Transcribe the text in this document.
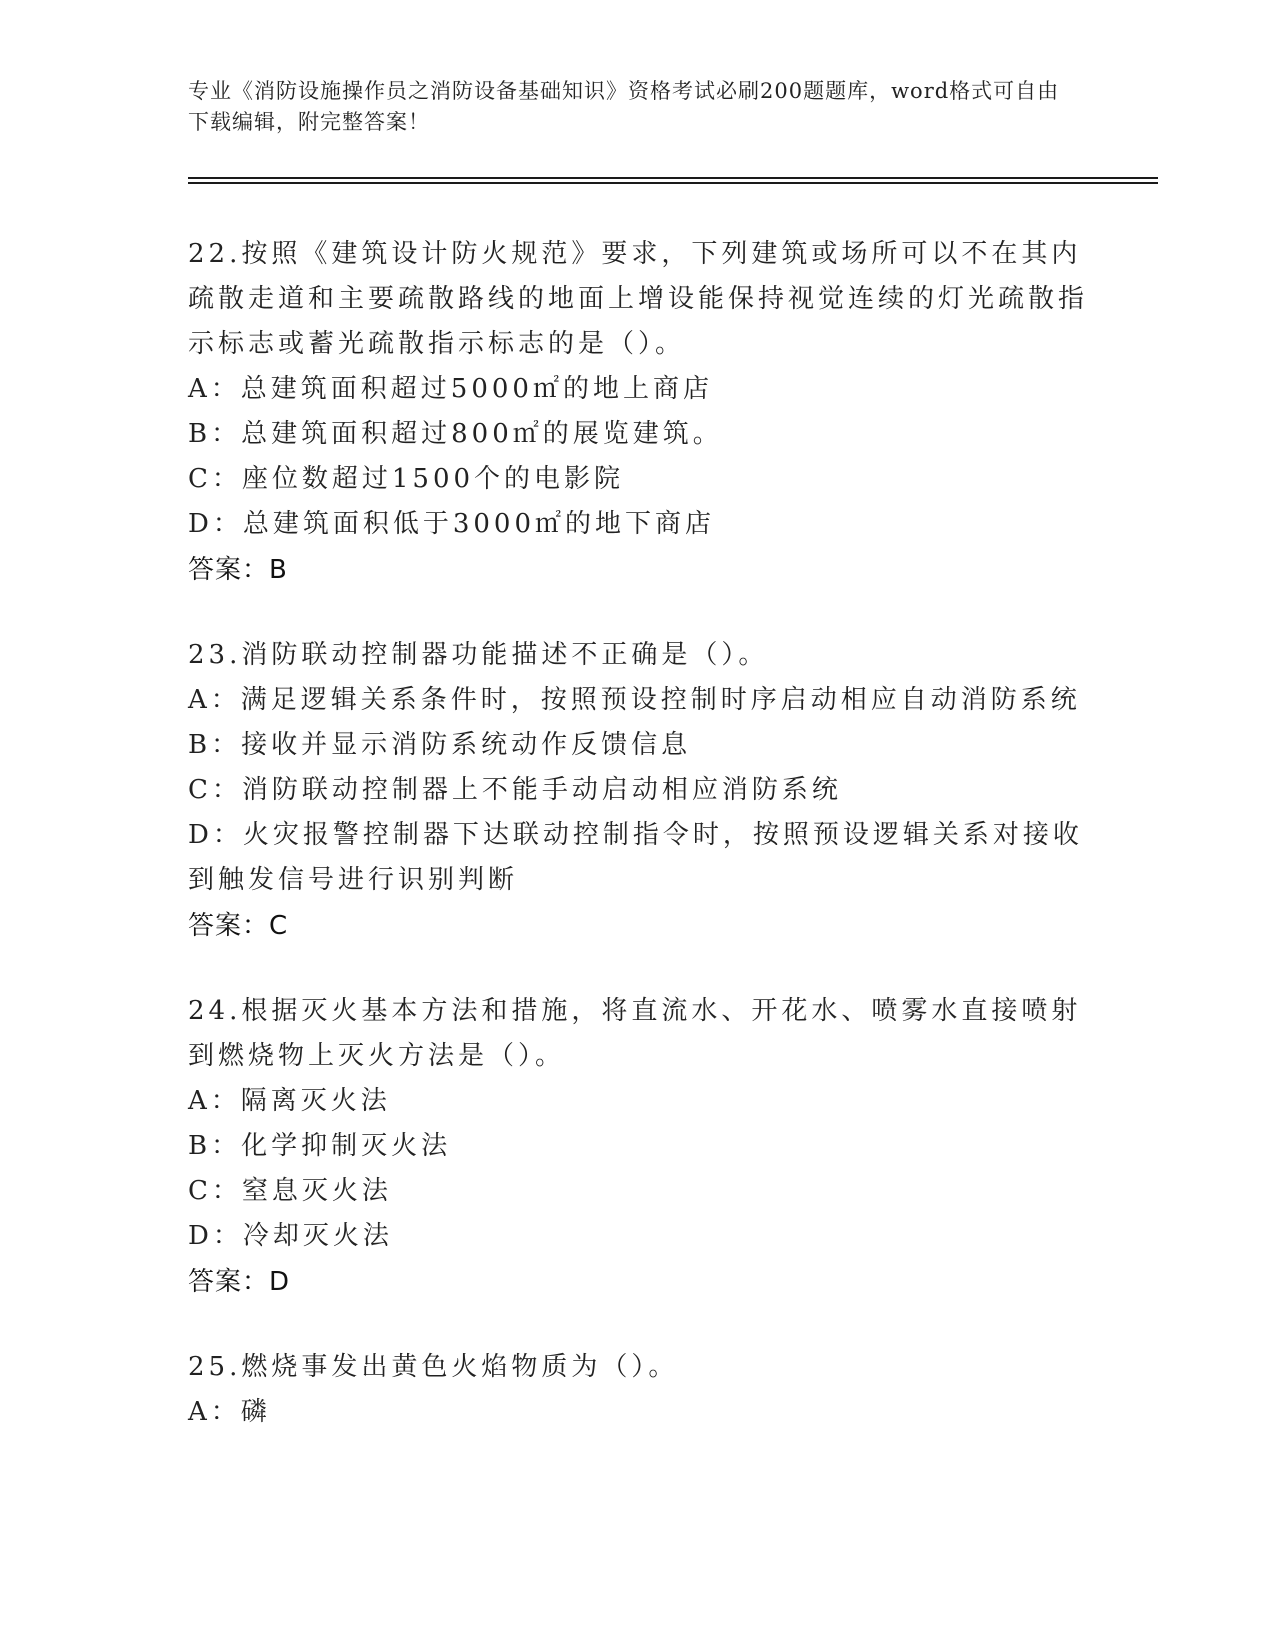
专业《消防设施操作员之消防设备基础知识》资格考试必刷200题题库，word格式可自由下载编辑，附完整答案！
22.按照《建筑设计防火规范》要求，下列建筑或场所可以不在其内疏散走道和主要疏散路线的地面上增设能保持视觉连续的灯光疏散指示标志或蓄光疏散指示标志的是（）。
A：总建筑面积超过5000㎡的地上商店
B：总建筑面积超过800㎡的展览建筑。
C：座位数超过1500个的电影院
D：总建筑面积低于3000㎡的地下商店
答案：B
23.消防联动控制器功能描述不正确是（）。
A：满足逻辑关系条件时，按照预设控制时序启动相应自动消防系统
B：接收并显示消防系统动作反馈信息
C：消防联动控制器上不能手动启动相应消防系统
D：火灾报警控制器下达联动控制指令时，按照预设逻辑关系对接收到触发信号进行识别判断
答案：C
24.根据灭火基本方法和措施，将直流水、开花水、喷雾水直接喷射到燃烧物上灭火方法是（）。
A：隔离灭火法
B：化学抑制灭火法
C：窒息灭火法
D：冷却灭火法
答案：D
25.燃烧事发出黄色火焰物质为（）。
A：磷
